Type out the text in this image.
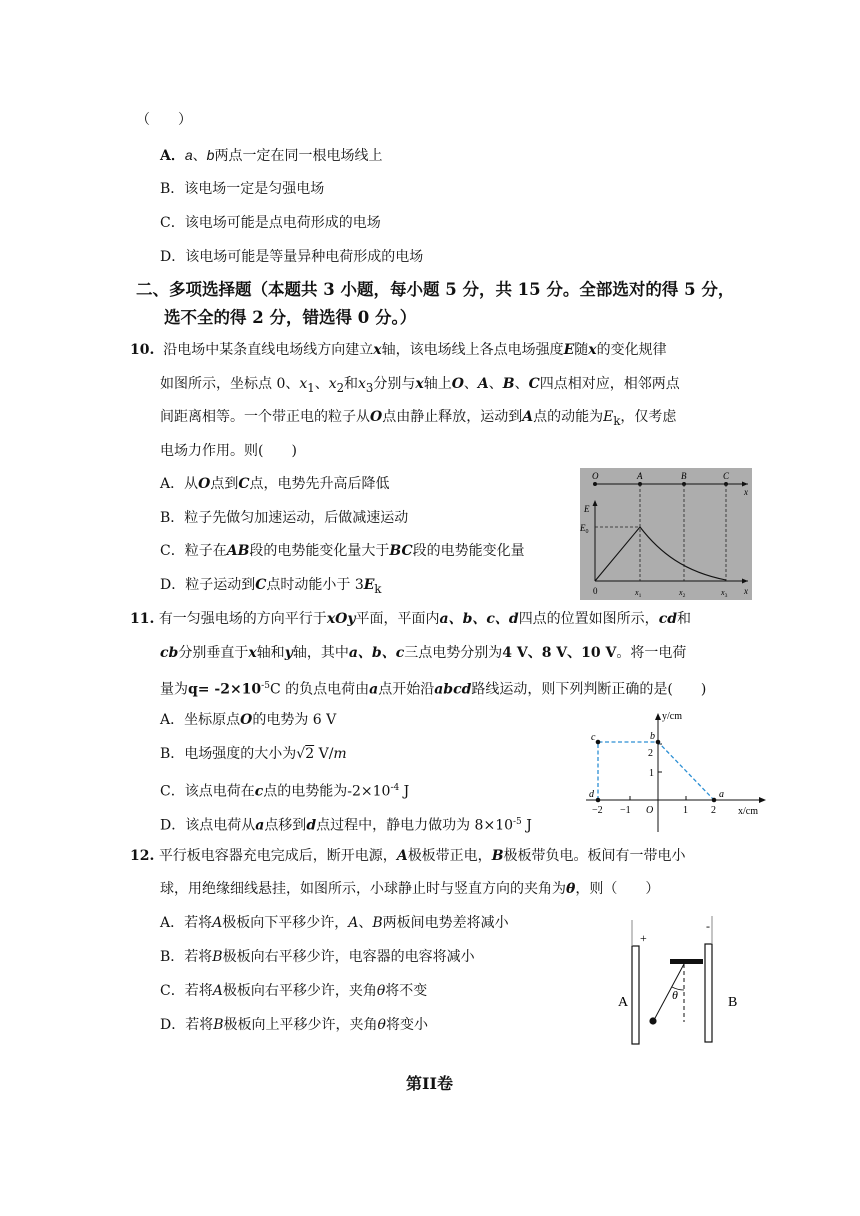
（　　）
A．a、b两点一定在同一根电场线上
B．该电场一定是匀强电场
C．该电场可能是点电荷形成的电场
D．该电场可能是等量异种电荷形成的电场
二、多项选择题（本题共 3 小题，每小题 5 分，共 15 分。全部选对的得 5 分，
选不全的得 2 分，错选得 0 分。）
10. 沿电场中某条直线电场线方向建立x轴，该电场线上各点电场强度E随x的变化规律
如图所示，坐标点 0、$x_1$、$x_2$和$x_3$分别与x轴上O、A、B、C四点相对应，相邻两点
间距离相等。一个带正电的粒子从O点由静止释放，运动到A点的动能为$E_k$，仅考虑
电场力作用。则(　　)
A．从O点到C点，电势先升高后降低
B．粒子先做匀加速运动，后做减速运动
C．粒子在AB段的电势能变化量大于BC段的电势能变化量
D．粒子运动到C点时动能小于 $3E_k$
O	A	B	C
x
E
x
$E_0$
0	$x_1$	$x_2$	$x_3$
11. 有一匀强电场的方向平行于xOy平面，平面内a、b、c、d四点的位置如图所示，cd和
cb分别垂直于x轴和y轴，其中a、b、c三点电势分别为4 V、8 V、10 V。将一电荷
量为$q= -2\times 10^{-5}C$ 的负点电荷由a点开始沿abcd路线运动，则下列判断正确的是(　　)
A．坐标原点O的电势为 6 V
B．电场强度的大小为√2 V/m
C．该点电荷在c点的电势能为$-2\times 10^{-4}$ J
D．该点电荷从a点移到d点过程中，静电力做功为 $8\times 10^{-5}$ J
y/cm
x/cm
2
1
−2 −1	1 2
O
c	b
d	a
12. 平行板电容器充电完成后，断开电源，A极板带正电，B极板带负电。板间有一带电小
球，用绝缘细线悬挂，如图所示，小球静止时与竖直方向的夹角为θ，则（　　）
A．若将A极板向下平移少许，A、B两板间电势差将减小
B．若将B极板向右平移少许，电容器的电容将减小
C．若将A极板向右平移少许，夹角θ将不变
D．若将B极板向上平移少许，夹角θ将变小
+
-
A	B
θ
第II卷
